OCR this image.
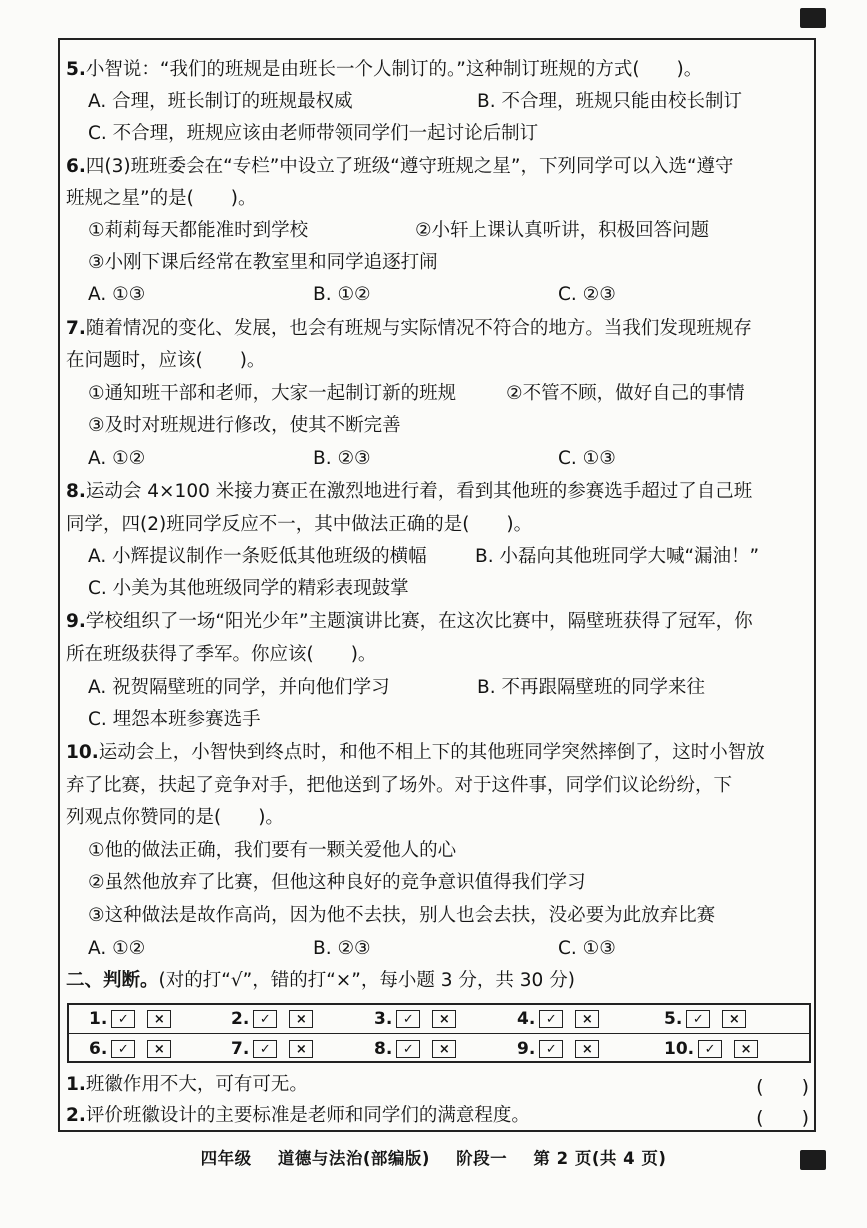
5.小智说：“我们的班规是由班长一个人制订的。”这种制订班规的方式(　　)。
A. 合理，班长制订的班规最权威	B. 不合理，班规只能由校长制订
C. 不合理，班规应该由老师带领同学们一起讨论后制订
6.四(3)班班委会在“专栏”中设立了班级“遵守班规之星”，下列同学可以入选“遵守
班规之星”的是(　　)。
①莉莉每天都能准时到学校	②小轩上课认真听讲，积极回答问题
③小刚下课后经常在教室里和同学追逐打闹
A. ①③	B. ①②	C. ②③
7.随着情况的变化、发展，也会有班规与实际情况不符合的地方。当我们发现班规存
在问题时，应该(　　)。
①通知班干部和老师，大家一起制订新的班规	②不管不顾，做好自己的事情
③及时对班规进行修改，使其不断完善
A. ①②	B. ②③	C. ①③
8.运动会 4×100 米接力赛正在激烈地进行着，看到其他班的参赛选手超过了自己班
同学，四(2)班同学反应不一，其中做法正确的是(　　)。
A. 小辉提议制作一条贬低其他班级的横幅	B. 小磊向其他班同学大喊“漏油！”
C. 小美为其他班级同学的精彩表现鼓掌
9.学校组织了一场“阳光少年”主题演讲比赛，在这次比赛中，隔壁班获得了冠军，你
所在班级获得了季军。你应该(　　)。
A. 祝贺隔壁班的同学，并向他们学习	B. 不再跟隔壁班的同学来往
C. 埋怨本班参赛选手
10.运动会上，小智快到终点时，和他不相上下的其他班同学突然摔倒了，这时小智放
弃了比赛，扶起了竞争对手，把他送到了场外。对于这件事，同学们议论纷纷，下
列观点你赞同的是(　　)。
①他的做法正确，我们要有一颗关爱他人的心
②虽然他放弃了比赛，但他这种良好的竞争意识值得我们学习
③这种做法是故作高尚，因为他不去扶，别人也会去扶，没必要为此放弃比赛
A. ①②	B. ②③	C. ①③
二、判断。(对的打“√”，错的打“×”，每小题 3 分，共 30 分)
1. ✓	×	2. ✓	×	3. ✓	×	4. ✓	×	5. ✓	×
6. ✓	×	7. ✓	×	8. ✓	×	9. ✓	×	10. ✓	×
1.班徽作用不大，可有可无。	(　　)
2.评价班徽设计的主要标准是老师和同学们的满意程度。	(　　)
四年级 道德与法治(部编版) 阶段一 第 2 页(共 4 页)
